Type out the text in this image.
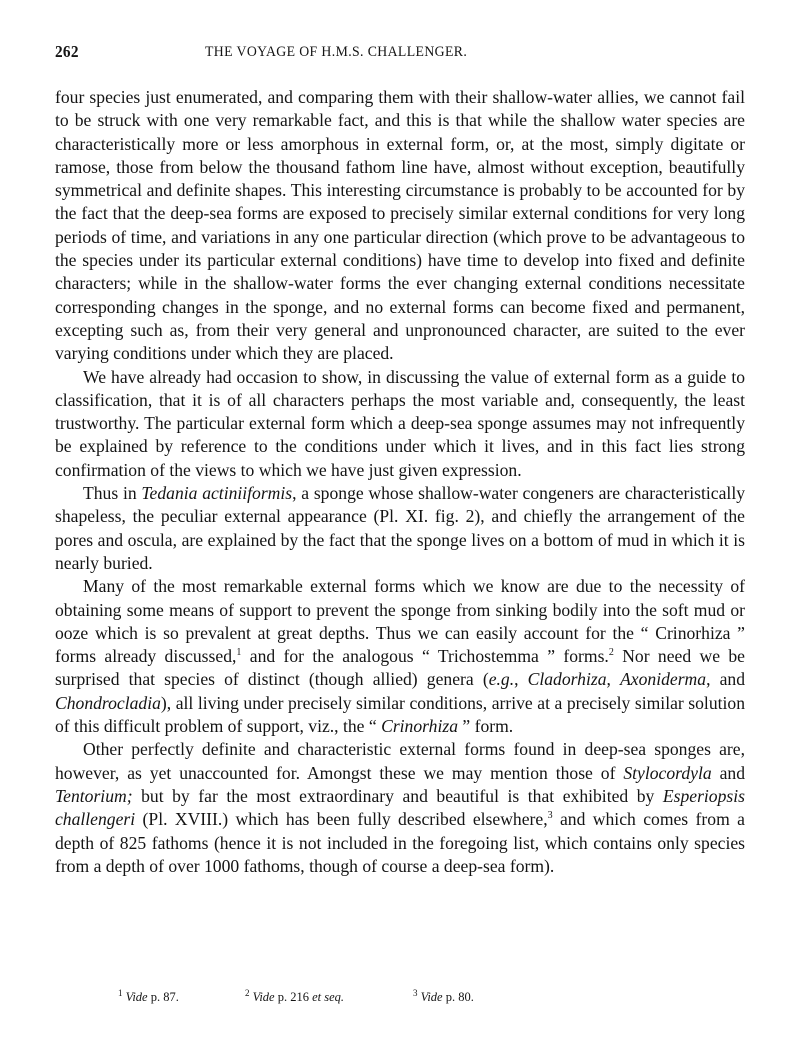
262	THE VOYAGE OF H.M.S. CHALLENGER.

four species just enumerated, and comparing them with their shallow-water allies, we cannot fail to be struck with one very remarkable fact, and this is that while the shallow water species are characteristically more or less amorphous in external form, or, at the most, simply digitate or ramose, those from below the thousand fathom line have, almost without exception, beautifully symmetrical and definite shapes. This interesting circumstance is probably to be accounted for by the fact that the deep-sea forms are exposed to precisely similar external conditions for very long periods of time, and variations in any one particular direction (which prove to be advantageous to the species under its particular external conditions) have time to develop into fixed and definite characters; while in the shallow-water forms the ever changing external conditions necessitate corresponding changes in the sponge, and no external forms can become fixed and permanent, excepting such as, from their very general and unpronounced character, are suited to the ever varying conditions under which they are placed.

We have already had occasion to show, in discussing the value of external form as a guide to classification, that it is of all characters perhaps the most variable and, consequently, the least trustworthy. The particular external form which a deep-sea sponge assumes may not infrequently be explained by reference to the conditions under which it lives, and in this fact lies strong confirmation of the views to which we have just given expression.

Thus in Tedania actiniiformis, a sponge whose shallow-water congeners are characteristically shapeless, the peculiar external appearance (Pl. XI. fig. 2), and chiefly the arrangement of the pores and oscula, are explained by the fact that the sponge lives on a bottom of mud in which it is nearly buried.

Many of the most remarkable external forms which we know are due to the necessity of obtaining some means of support to prevent the sponge from sinking bodily into the soft mud or ooze which is so prevalent at great depths. Thus we can easily account for the “ Crinorhiza ” forms already discussed,$^1$ and for the analogous “ Trichostemma ” forms.$^2$ Nor need we be surprised that species of distinct (though allied) genera (e.g., Cladorhiza, Axoniderma, and Chondrocladia), all living under precisely similar conditions, arrive at a precisely similar solution of this difficult problem of support, viz., the “ Crinorhiza ” form.

Other perfectly definite and characteristic external forms found in deep-sea sponges are, however, as yet unaccounted for. Amongst these we may mention those of Stylocordyla and Tentorium; but by far the most extraordinary and beautiful is that exhibited by Esperiopsis challengeri (Pl. XVIII.) which has been fully described elsewhere,$^3$ and which comes from a depth of 825 fathoms (hence it is not included in the foregoing list, which contains only species from a depth of over 1000 fathoms, though of course a deep-sea form).

$^1$ Vide p. 87.	$^2$ Vide p. 216 et seq.	$^3$ Vide p. 80.
